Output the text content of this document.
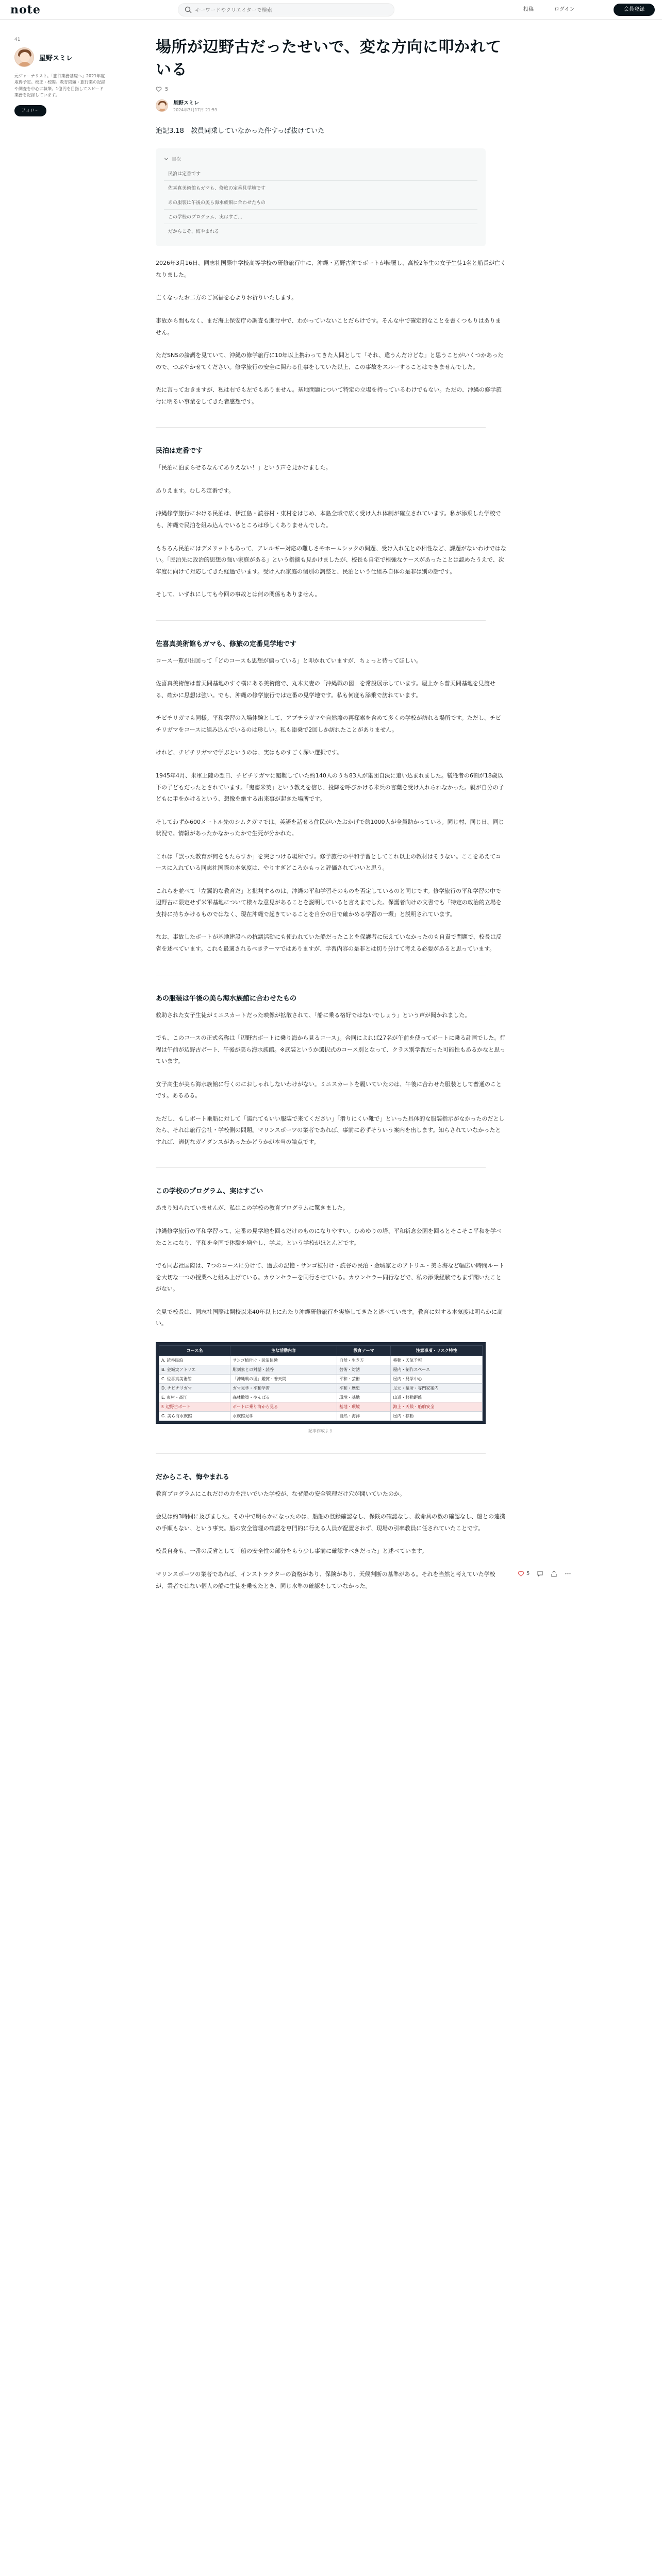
note
キーワードやクリエイターで検索	投稿	ログイン	会員登録
41
星野スミレ
元ジャーナリスト。「旅行業務基礎へ」2021年度取得予定。校正・校閲。教育問題・旅行業の記録や調査を中心に執筆。1億円を目指してスピード業務を記録しています。
フォロー
場所が辺野古だったせいで、変な方向に叩かれている
5
星野スミレ
2024年3月17日 21:59
追記3.18　教員同乗していなかった件すっぱ抜けていた
目次
民泊は定番です
佐喜真美術館もガマも、修旅の定番見学地です
あの服装は午後の美ら海水族館に合わせたもの
この学校のプログラム、実はすご…
だからこそ、悔やまれる
2026年3月16日、同志社国際中学校高等学校の研修旅行中に、沖縄・辺野古沖でボートが転覆し、高校2年生の女子生徒1名と船長が亡くなりました。
亡くなったお二方のご冥福を心よりお祈りいたします。
事故から間もなく、まだ海上保安庁の調査も進行中で、わかっていないことだらけです。そんな中で確定的なことを書くつもりはありません。
ただSNSの論調を見ていて、沖縄の修学旅行に10年以上携わってきた人間として「それ、違うんだけどな」と思うことがいくつかあったので、つぶやかせてください。修学旅行の安全に関わる仕事をしていた以上、この事故をスルーすることはできませんでした。
先に言っておきますが、私は右でも左でもありません。基地問題について特定の立場を持っているわけでもない。ただの、沖縄の修学旅行に明るい事業をしてきた者感想です。
民泊は定番です
「民泊に泊まらせるなんてありえない！」という声を見かけました。
ありえます。むしろ定番です。
沖縄修学旅行における民泊は、伊江島・読谷村・東村をはじめ、本島全域で広く受け入れ体制が確立されています。私が添乗した学校でも、沖縄で民泊を組み込んでいるところは珍しくありませんでした。
もちろん民泊にはデメリットもあって、アレルギー対応の難しさやホームシックの問題、受け入れ先との相性など、課題がないわけではない。「民泊先に政治的思想の強い家庭がある」という指摘も見かけましたが、校長も自宅で根強なケースがあったことは認めたうえで、次年度に向けて対応してきた経過でいます。受け入れ家庭の個別の調整と、民泊という仕組み自体の是非は別の話です。
そして、いずれにしても今回の事故とは何の関係もありません。
佐喜真美術館もガマも、修旅の定番見学地です
コース一覧が出回って「どのコースも思想が偏っている」と叩かれていますが、ちょっと待ってほしい。
佐喜真美術館は普天間基地のすぐ横にある美術館で、丸木夫妻の「沖縄戦の図」を常設展示しています。屋上から普天間基地を見渡せる、確かに思想は強い。でも、沖縄の修学旅行では定番の見学地です。私も何度も添乗で訪れています。
チビチリガマも同様。平和学習の入場体験として、アブチラガマや自然壕の再探索を含めて多くの学校が訪れる場所です。ただし、チビチリガマをコースに組み込んでいるのは珍しい。私も添乗で2回しか訪れたことがありません。
けれど、チビチリガマで学ぶというのは、実はものすごく深い選択です。
1945年4月、米軍上陸の翌日、チビチリガマに避難していた約140人のうち83人が集団自決に追い込まれました。犠牲者の6割が18歳以下の子どもだったとされています。「鬼畜米英」という教えを信じ、投降を呼びかける米兵の言葉を受け入れられなかった。親が自分の子どもに手をかけるという、想像を絶する出来事が起きた場所です。
そしてわずか600メートル先のシムクガマでは、英語を話せる住民がいたおかげで約1000人が全員助かっている。同じ村、同じ日、同じ状況で。情報があったかなかったかで生死が分かれた。
これは「誤った教育が何をもたらすか」を突きつける場所です。修学旅行の平和学習としてこれ以上の教材はそうない。ここをあえてコースに入れている同志社国際の本気度は、やりすぎどころかもっと評価されていいと思う。
これらを並べて「左翼的な教育だ」と批判するのは、沖縄の平和学習そのものを否定しているのと同じです。修学旅行の平和学習の中で辺野古に限定せず米軍基地について様々な意見があることを説明していると言えまでした。保護者向けの文書でも「特定の政治的立場を支持に持ちかけるものではなく、現在沖縄で起きていることを自分の目で確かめる学習の一環」と説明されています。
なお、事故したボートが基地建設への抗議活動にも使われていた船だったことを保護者に伝えていなかったのも自責で問題で、校長は反省を述べています。これも最適されるべきテーマではありますが、学習内容の是非とは切り分けて考える必要があると思っています。
あの服装は午後の美ら海水族館に合わせたもの
救助された女子生徒がミニスカートだった映像が拡散されて、「船に乗る格好ではないでしょう」という声が聞かれました。
でも、このコースの正式名称は「辺野古ボートに乗り海から見るコース」。合同によれば27名が午前を使ってボートに乗る計画でした。行程は午前が辺野古ボート、午後が美ら海水族館。※武装というか選択式のコース別となって、クラス別学習だった可能性もあるかなと思っています。
女子高生が美ら海水族館に行くのにおしゃれしないわけがない。ミニスカートを履いていたのは、午後に合わせた服装として普通のことです。あるある。
ただし、もしボート乗船に対して「濡れてもいい服装で来てください」「滑りにくい靴で」といった具体的な服装指示がなかったのだとしたら、それは旅行会社・学校側の問題。マリンスポーツの業者であれば、事前に必ずそういう案内を出します。知らされていなかったとすれば、適切なガイダンスがあったかどうかが本当の論点です。
この学校のプログラム、実はすごい
あまり知られていませんが、私はこの学校の教育プログラムに驚きました。
沖縄修学旅行の平和学習って、定番の見学地を回るだけのものになりやすい。ひめゆりの塔、平和祈念公園を回るとそこそこ平和を学べたことになり、平和を全国で体験を増やし、学ぶ。という学校がほとんどです。
でも同志社国際は、7つのコースに分けて、過去の記憶・サンゴ植付け・読谷の民泊・金城家とのアトリエ・美ら海など幅広い時間ルートを大切な一つの授業へと組み上げている。カウンセラーを同行させている。カウンセラー同行などで、私の添乗経験でもまず聞いたことがない。
会見で校長は、同志社国際は開校以来40年以上にわたり沖縄研修旅行を実施してきたと述べています。教育に対する本気度は明らかに高い。
コース名	主な活動内容	教育テーマ	注意事項・リスク特性
A. 読谷民泊	サンゴ植付け・民泊体験	自然・生き方	移動・天気予報
B. 金城実アトリエ	彫刻家との対話・読谷	芸術・対話	屋内・制作スペース
C. 佐喜真美術館	「沖縄戦の図」鑑賞・普天間	平和・芸術	屋内・見学中心
D. チビチリガマ	ガマ見学・平和学習	平和・歴史	足元・暗所・専門家案内
E. 東村・高江	森林散策・やんばる	環境・基地	山道・移動距離
F. 辺野古ボート	ボートに乗り海から見る	基地・環境	海上・天候・船舶安全
G. 美ら海水族館	水族館見学	自然・海洋	屋内・移動
記事作成より
だからこそ、悔やまれる
教育プログラムにこれだけの力を注いでいた学校が、なぜ船の安全管理だけ穴が開いていたのか。
会見は約3時間に及びました。その中で明らかになったのは、船舶の登録確認なし、保険の確認なし、救命具の数の確認なし、船との連携の手順もない、という事実。船の安全管理の確認を専門的に行える人員が配置されず、現場の引率教員に任されていたことです。
校長自身も、一番の反省として「船の安全性の部分をもう少し事前に確認すべきだった」と述べています。
マリンスポーツの業者であれば、インストラクターの資格があり、保険があり、天候判断の基準がある。それを当然と考えていた学校が、業者ではない個人の船に生徒を乗せたとき、同じ水準の確認をしていなかった。
5
